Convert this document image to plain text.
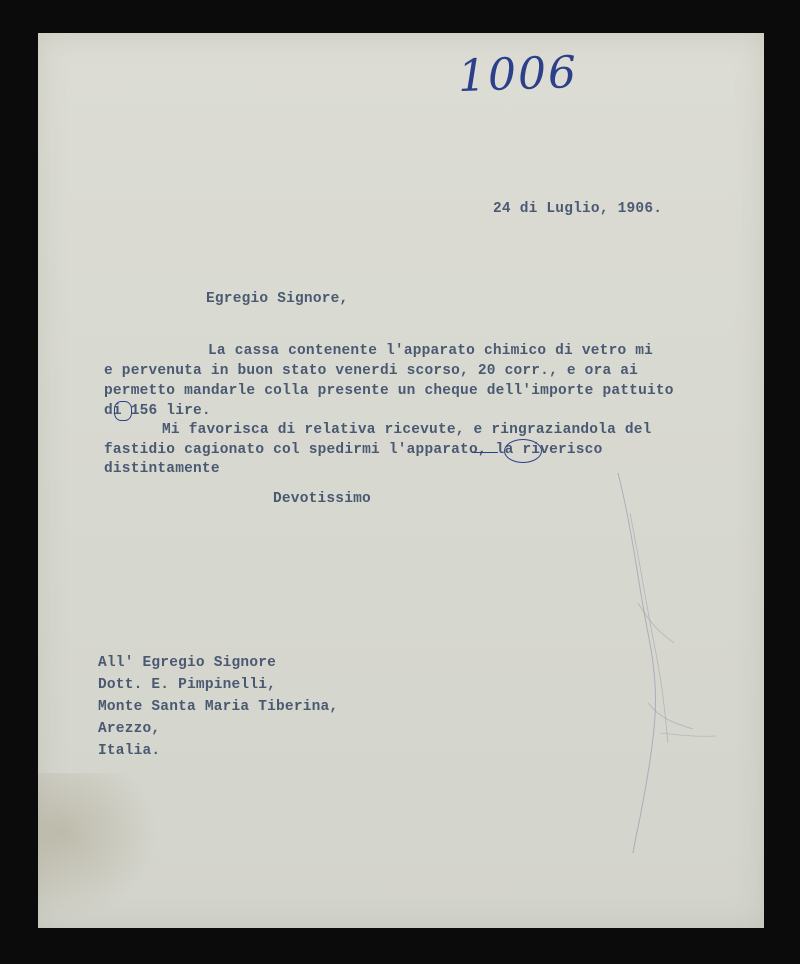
1006
24 di Luglio, 1906.
Egregio Signore,
La cassa contenente l'apparato chimico di vetro mi
e pervenuta in buon stato venerdi scorso, 20 corr., e ora ai
permetto mandarle colla presente un cheque dell'importe pattuito
di 156 lire.
Mi favorisca di relativa ricevute, e ringraziandola del
fastidio cagionato col spedirmi l'apparato, la riverisco
distintamente
Devotissimo
All' Egregio Signore
Dott. E. Pimpinelli,
Monte Santa Maria Tiberina,
Arezzo,
Italia.
